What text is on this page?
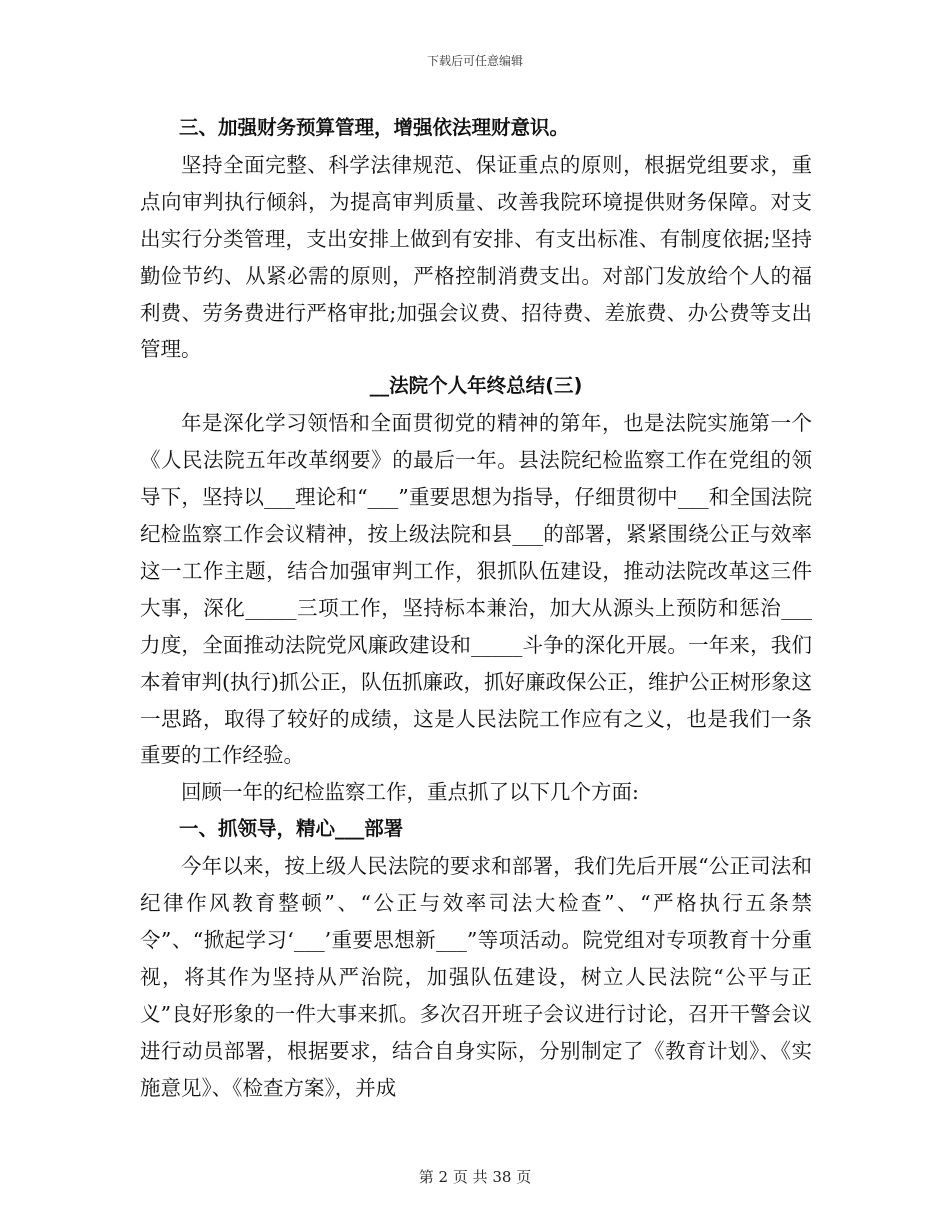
下载后可任意编辑

三、加强财务预算管理，增强依法理财意识。

坚持全面完整、科学法律规范、保证重点的原则，根据党组要求，重点向审判执行倾斜，为提高审判质量、改善我院环境提供财务保障。对支出实行分类管理，支出安排上做到有安排、有支出标准、有制度依据;坚持勤俭节约、从紧必需的原则，严格控制消费支出。对部门发放给个人的福利费、劳务费进行严格审批;加强会议费、招待费、差旅费、办公费等支出管理。

__法院个人年终总结(三)

年是深化学习领悟和全面贯彻党的精神的第年，也是法院实施第一个《人民法院五年改革纲要》的最后一年。县法院纪检监察工作在党组的领导下，坚持以___理论和“___”重要思想为指导，仔细贯彻中___和全国法院纪检监察工作会议精神，按上级法院和县___的部署，紧紧围绕公正与效率这一工作主题，结合加强审判工作，狠抓队伍建设，推动法院改革这三件大事，深化_____三项工作，坚持标本兼治，加大从源头上预防和惩治___力度，全面推动法院党风廉政建设和_____斗争的深化开展。一年来，我们本着审判(执行)抓公正，队伍抓廉政，抓好廉政保公正，维护公正树形象这一思路，取得了较好的成绩，这是人民法院工作应有之义，也是我们一条重要的工作经验。

回顾一年的纪检监察工作，重点抓了以下几个方面:

一、抓领导，精心___部署

今年以来，按上级人民法院的要求和部署，我们先后开展“公正司法和纪律作风教育整顿”、“公正与效率司法大检查”、“严格执行五条禁令”、“掀起学习‘___’重要思想新___”等项活动。院党组对专项教育十分重视，将其作为坚持从严治院，加强队伍建设，树立人民法院“公平与正义”良好形象的一件大事来抓。多次召开班子会议进行讨论，召开干警会议进行动员部署，根据要求，结合自身实际，分别制定了《教育计划》、《实施意见》、《检查方案》，并成

第 2 页 共 38 页
